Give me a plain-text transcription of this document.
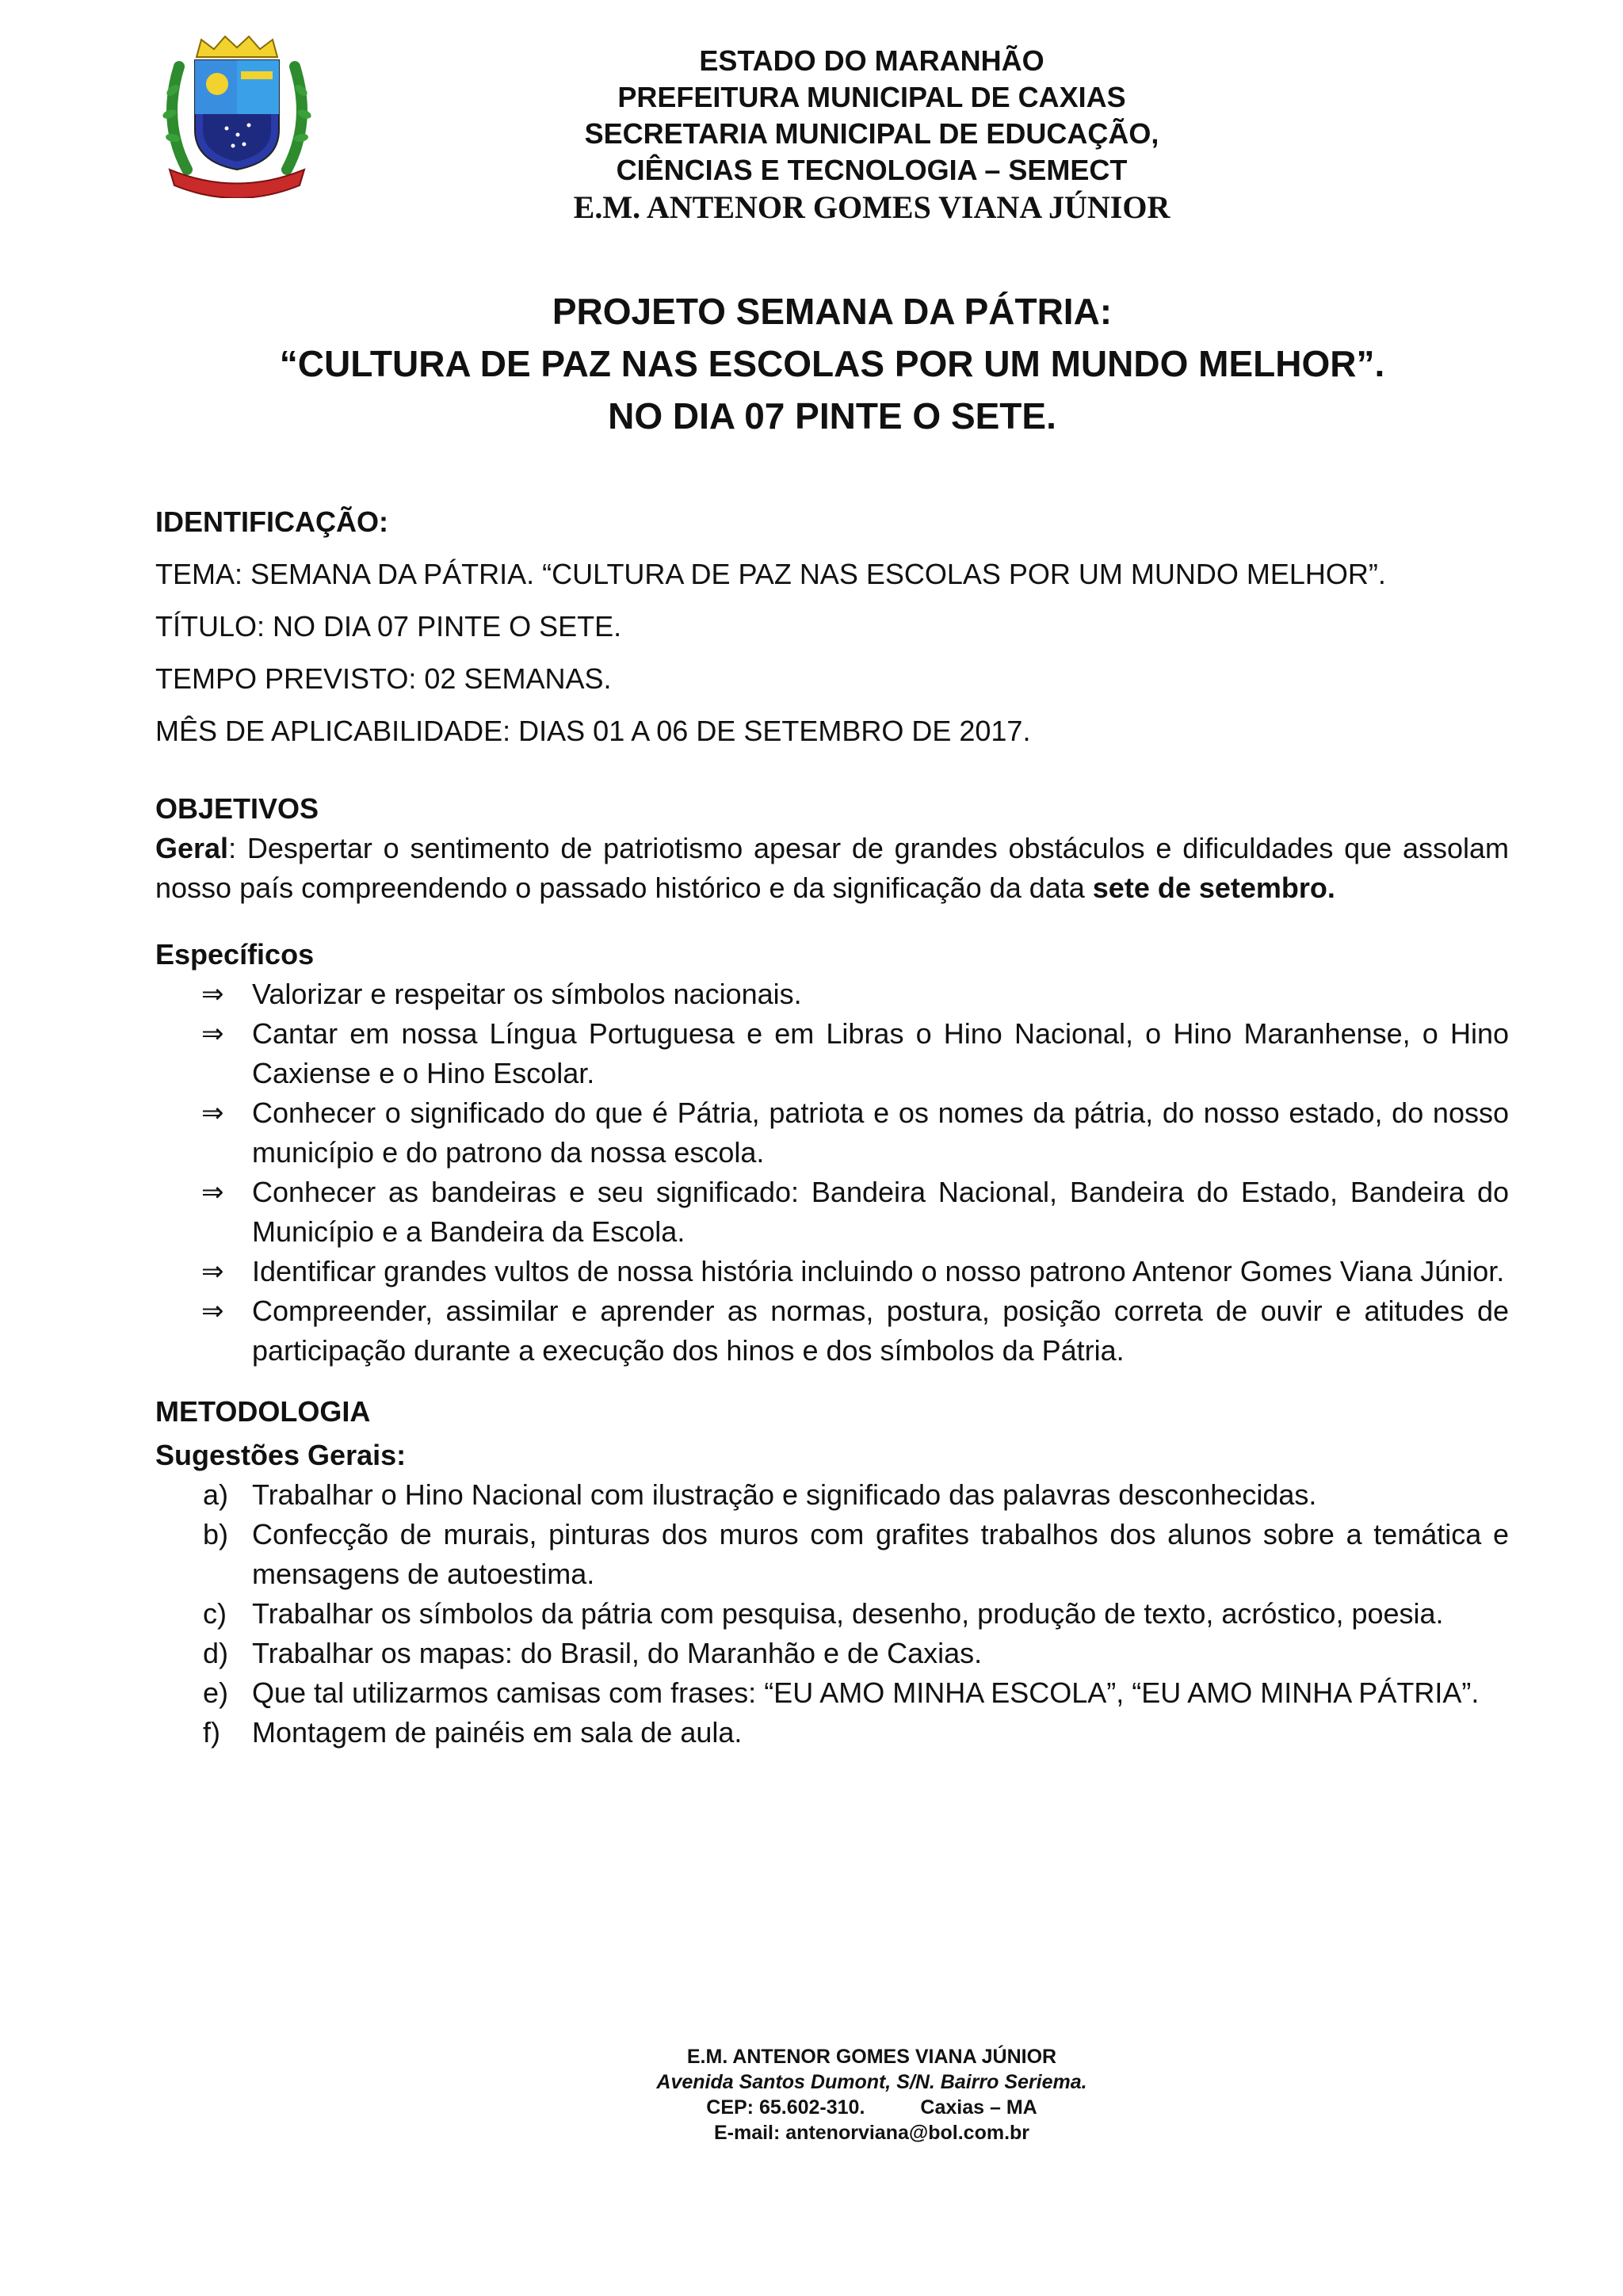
ESTADO DO MARANHÃO
PREFEITURA MUNICIPAL DE CAXIAS
SECRETARIA MUNICIPAL DE EDUCAÇÃO,
CIÊNCIAS E TECNOLOGIA – SEMECT
E.M. ANTENOR GOMES VIANA JÚNIOR
PROJETO SEMANA DA PÁTRIA:
“CULTURA DE PAZ NAS ESCOLAS POR UM MUNDO MELHOR”.
NO DIA 07 PINTE O SETE.
IDENTIFICAÇÃO:
TEMA: SEMANA DA PÁTRIA. “CULTURA DE PAZ NAS ESCOLAS POR UM MUNDO MELHOR”.
TÍTULO: NO DIA 07 PINTE O SETE.
TEMPO PREVISTO: 02 SEMANAS.
MÊS DE APLICABILIDADE: DIAS 01 A 06 DE SETEMBRO DE 2017.
OBJETIVOS

Geral: Despertar o sentimento de patriotismo apesar de grandes obstáculos e dificuldades que assolam nosso país compreendendo o passado histórico e da significação da data sete de setembro.

Específicos
⇒ Valorizar e respeitar os símbolos nacionais.
⇒ Cantar em nossa Língua Portuguesa e em Libras o Hino Nacional, o Hino Maranhense, o Hino Caxiense e o Hino Escolar.
⇒ Conhecer o significado do que é Pátria, patriota e os nomes da pátria, do nosso estado, do nosso município e do patrono da nossa escola.
⇒ Conhecer as bandeiras e seu significado: Bandeira Nacional, Bandeira do Estado, Bandeira do Município e a Bandeira da Escola.
⇒ Identificar grandes vultos de nossa história incluindo o nosso patrono Antenor Gomes Viana Júnior.
⇒ Compreender, assimilar e aprender as normas, postura, posição correta de ouvir e atitudes de participação durante a execução dos hinos e dos símbolos da Pátria.
METODOLOGIA
Sugestões Gerais:
a) Trabalhar o Hino Nacional com ilustração e significado das palavras desconhecidas.
b) Confecção de murais, pinturas dos muros com grafites trabalhos dos alunos sobre a temática e mensagens de autoestima.
c) Trabalhar os símbolos da pátria com pesquisa, desenho, produção de texto, acróstico, poesia.
d) Trabalhar os mapas: do Brasil, do Maranhão e de Caxias.
e) Que tal utilizarmos camisas com frases: “EU AMO MINHA ESCOLA”, “EU AMO MINHA PÁTRIA”.
f) Montagem de painéis em sala de aula.
E.M. ANTENOR GOMES VIANA JÚNIOR
Avenida Santos Dumont, S/N. Bairro Seriema.
CEP: 65.602-310.	Caxias – MA
E-mail: antenorviana@bol.com.br
